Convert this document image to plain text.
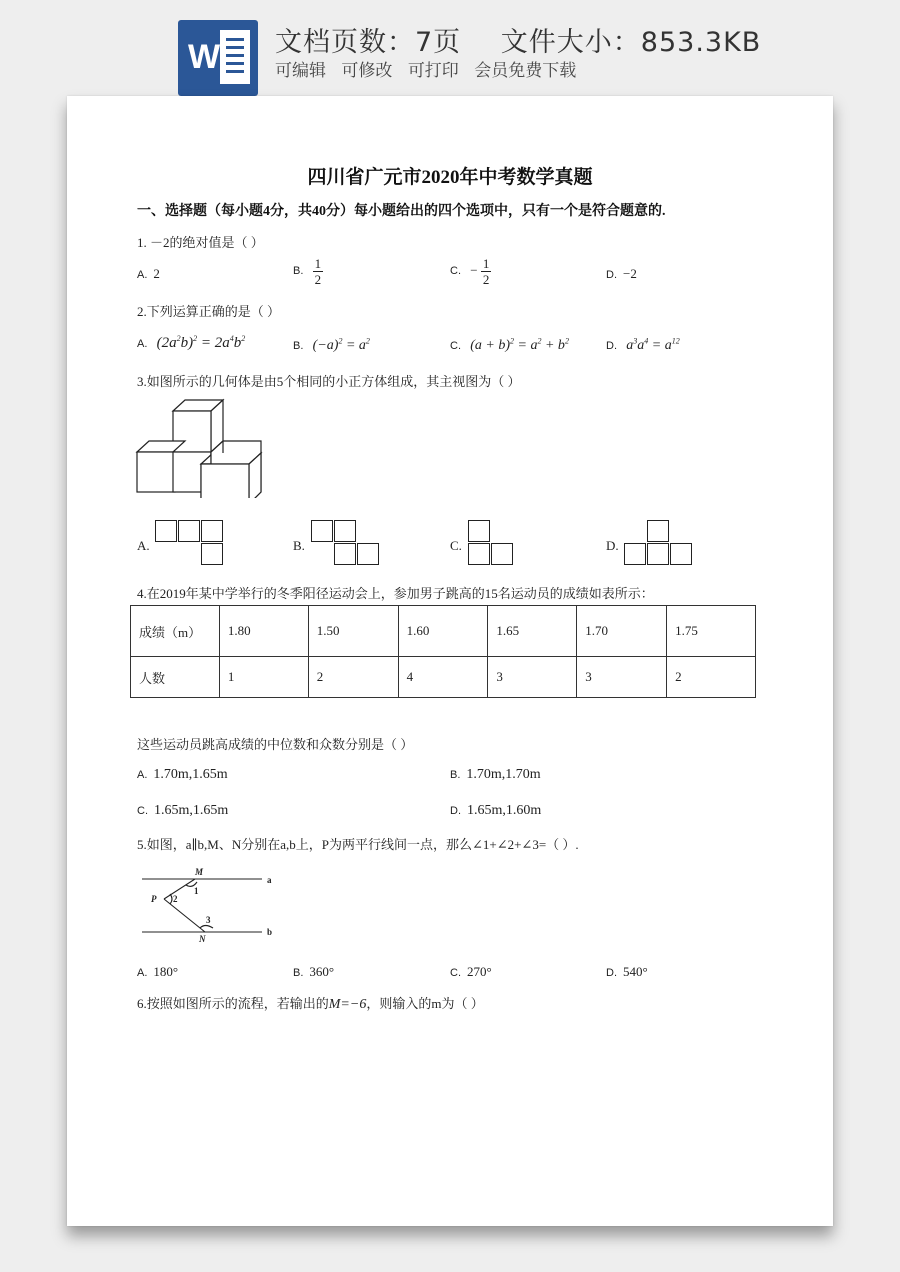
W 文档页数：7页 文件大小：853.3KB
可编辑 可修改 可打印 会员免费下载
四川省广元市2020年中考数学真题
一、选择题（每小题4分，共40分）每小题给出的四个选项中，只有一个是符合题意的.
1. －2的绝对值是（ ）
A. 2	B. $\frac{1}{2}$	C. − $\frac{1}{2}$	D. −2
2.下列运算正确的是（ ）
A. $(2a^2b)^2 = 2a^4b^2$
B. $(-a)^2 = a^2$	C. $(a + b)^2 = a^2 + b^2$	D. $a^3a^4 = a^{12}$
3.如图所示的几何体是由5个相同的小正方体组成，其主视图为（ ）
A.	B.	C.	D.
4.在2019年某中学举行的冬季阳径运动会上，参加男子跳高的15名运动员的成绩如表所示：
成绩（m）	1.80	1.50	1.60	1.65	1.70	1.75
人数	1	2	4	3	3	2
这些运动员跳高成绩的中位数和众数分别是（ ）
A. 1.70m,1.65m	B. 1.70m,1.70m
C. 1.65m,1.65m	D. 1.65m,1.60m
5.如图，a∥b,M、N分别在a,b上，P为两平行线间一点，那么∠1+∠2+∠3=（ ）.
M
N
P
a
b
1
2
3
A. 180°	B. 360°	C. 270°	D. 540°
6.按照如图所示的流程，若输出的M=−6，则输入的m为（ ）
